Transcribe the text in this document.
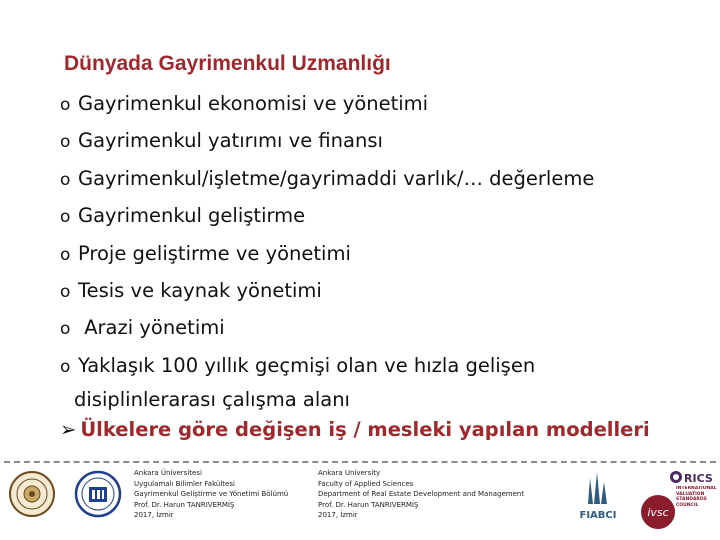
Dünyada Gayrimenkul Uzmanlığı
o Gayrimenkul ekonomisi ve yönetimi
o Gayrimenkul yatırımı ve finansı
o Gayrimenkul/işletme/gayrimaddi varlık/… değerleme
o Gayrimenkul geliştirme
o Proje geliştirme ve yönetimi
o Tesis ve kaynak yönetimi
o Arazi yönetimi
o Yaklaşık 100 yıllık geçmişi olan ve hızla gelişen
disiplinlerarası çalışma alanı
➢ Ülkelere göre değişen iş / mesleki yapılan modelleri
Ankara Üniversitesi
Uygulamalı Bilimler Fakültesi
Gayrimenkul Geliştirme ve Yönetimi Bölümü
Prof. Dr. Harun TANRIVERMİŞ
2017, İzmir
Ankara University
Faculty of Applied Sciences
Department of Real Estate Development and Management
Prof. Dr. Harun TANRIVERMİŞ
2017, İzmir	FIABCI	ivsc
RICS
INTERNATIONAL VALUATION STANDARDS COUNCIL
